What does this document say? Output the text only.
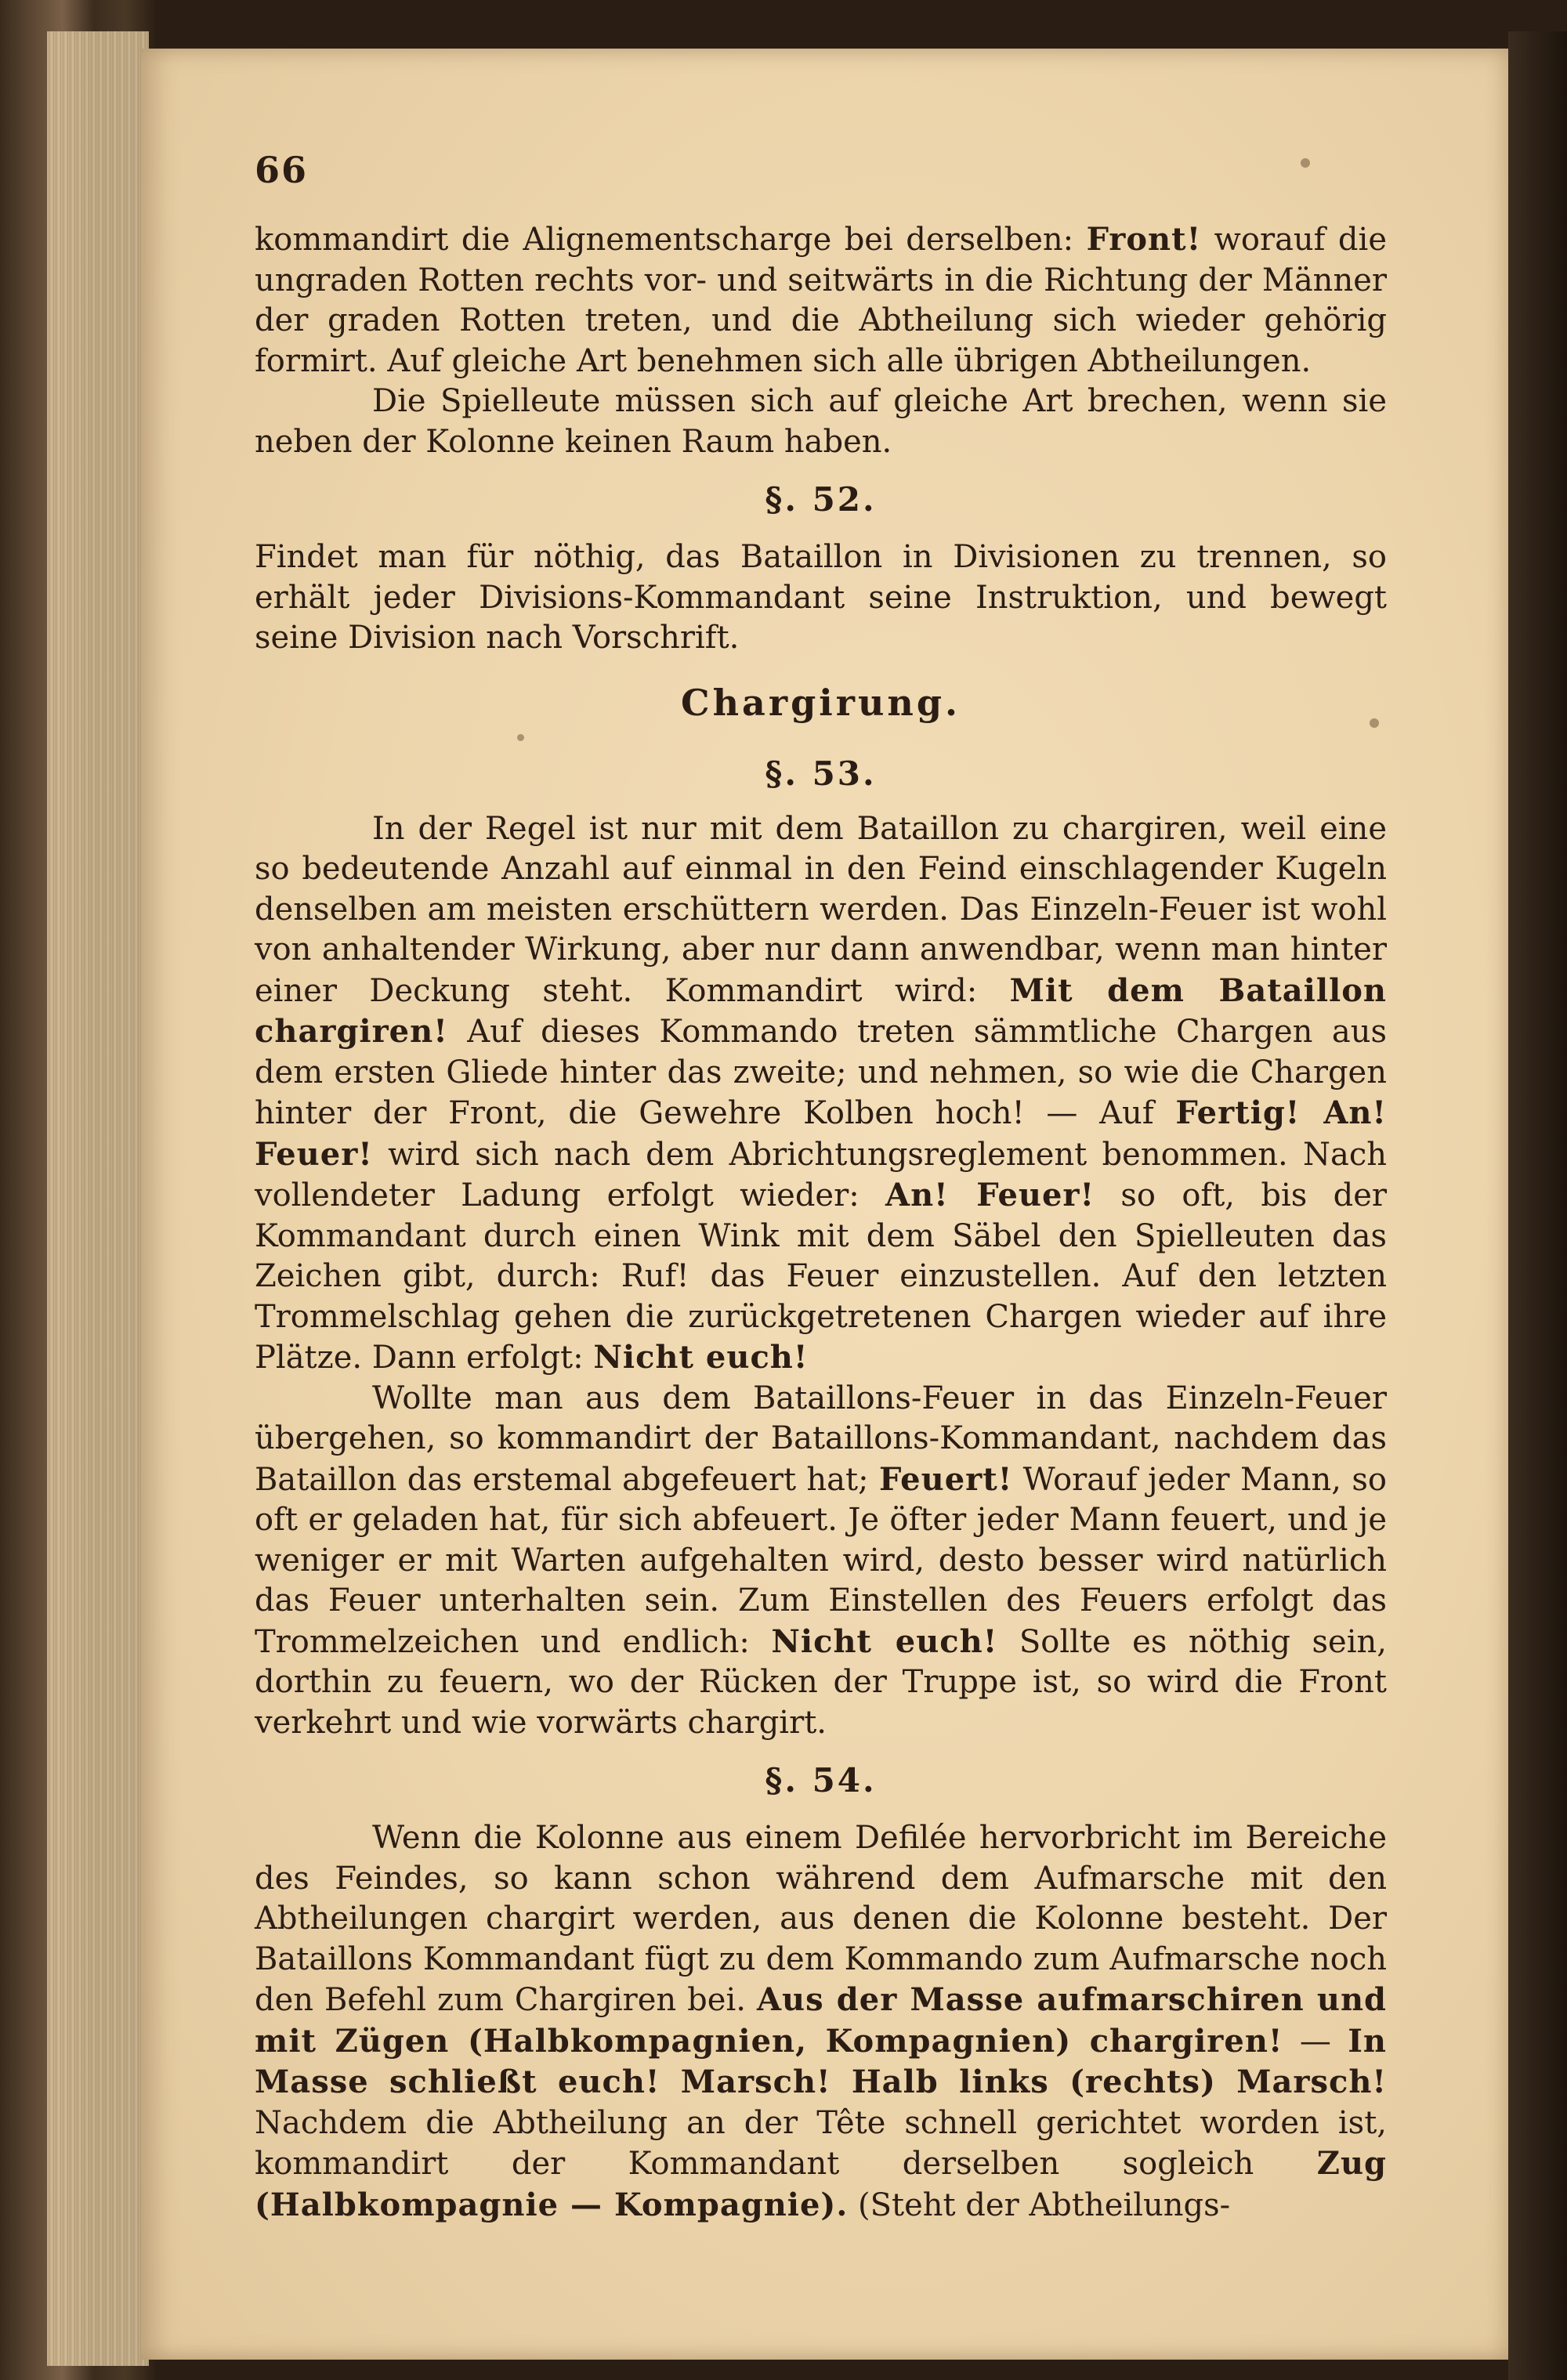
66

kommandirt die Alignementscharge bei derselben: Front! worauf die ungraden Rotten rechts vor- und seitwärts in die Richtung der Männer der graden Rotten treten, und die Abtheilung sich wieder gehörig formirt. Auf gleiche Art benehmen sich alle übrigen Abtheilungen.

Die Spielleute müssen sich auf gleiche Art brechen, wenn sie neben der Kolonne keinen Raum haben.

§. 52.

Findet man für nöthig, das Bataillon in Divisionen zu trennen, so erhält jeder Divisions-Kommandant seine Instruktion, und bewegt seine Division nach Vorschrift.

Chargirung.
§. 53.

In der Regel ist nur mit dem Bataillon zu chargiren, weil eine so bedeutende Anzahl auf einmal in den Feind einschlagender Kugeln denselben am meisten erschüttern werden. Das Einzeln-Feuer ist wohl von anhaltender Wirkung, aber nur dann anwendbar, wenn man hinter einer Deckung steht. Kommandirt wird: Mit dem Bataillon chargiren! Auf dieses Kommando treten sämmtliche Chargen aus dem ersten Gliede hinter das zweite; und nehmen, so wie die Chargen hinter der Front, die Gewehre Kolben hoch! — Auf Fertig! An! Feuer! wird sich nach dem Abrichtungsreglement benommen. Nach vollendeter Ladung erfolgt wieder: An! Feuer! so oft, bis der Kommandant durch einen Wink mit dem Säbel den Spielleuten das Zeichen gibt, durch: Ruf! das Feuer einzustellen. Auf den letzten Trommelschlag gehen die zurückgetretenen Chargen wieder auf ihre Plätze. Dann erfolgt: Nicht euch!

Wollte man aus dem Bataillons-Feuer in das Einzeln-Feuer übergehen, so kommandirt der Bataillons-Kommandant, nachdem das Bataillon das erstemal abgefeuert hat; Feuert! Worauf jeder Mann, so oft er geladen hat, für sich abfeuert. Je öfter jeder Mann feuert, und je weniger er mit Warten aufgehalten wird, desto besser wird natürlich das Feuer unterhalten sein. Zum Einstellen des Feuers erfolgt das Trommelzeichen und endlich: Nicht euch! Sollte es nöthig sein, dorthin zu feuern, wo der Rücken der Truppe ist, so wird die Front verkehrt und wie vorwärts chargirt.

§. 54.

Wenn die Kolonne aus einem Defilée hervorbricht im Bereiche des Feindes, so kann schon während dem Aufmarsche mit den Abtheilungen chargirt werden, aus denen die Kolonne besteht. Der Bataillons Kommandant fügt zu dem Kommando zum Aufmarsche noch den Befehl zum Chargiren bei. Aus der Masse aufmarschiren und mit Zügen (Halbkompagnien, Kompagnien) chargiren! — In Masse schließt euch! Marsch! Halb links (rechts) Marsch! Nachdem die Abtheilung an der Tête schnell gerichtet worden ist, kommandirt der Kommandant derselben sogleich Zug (Halbkompagnie — Kompagnie). (Steht der Abtheilungs-
